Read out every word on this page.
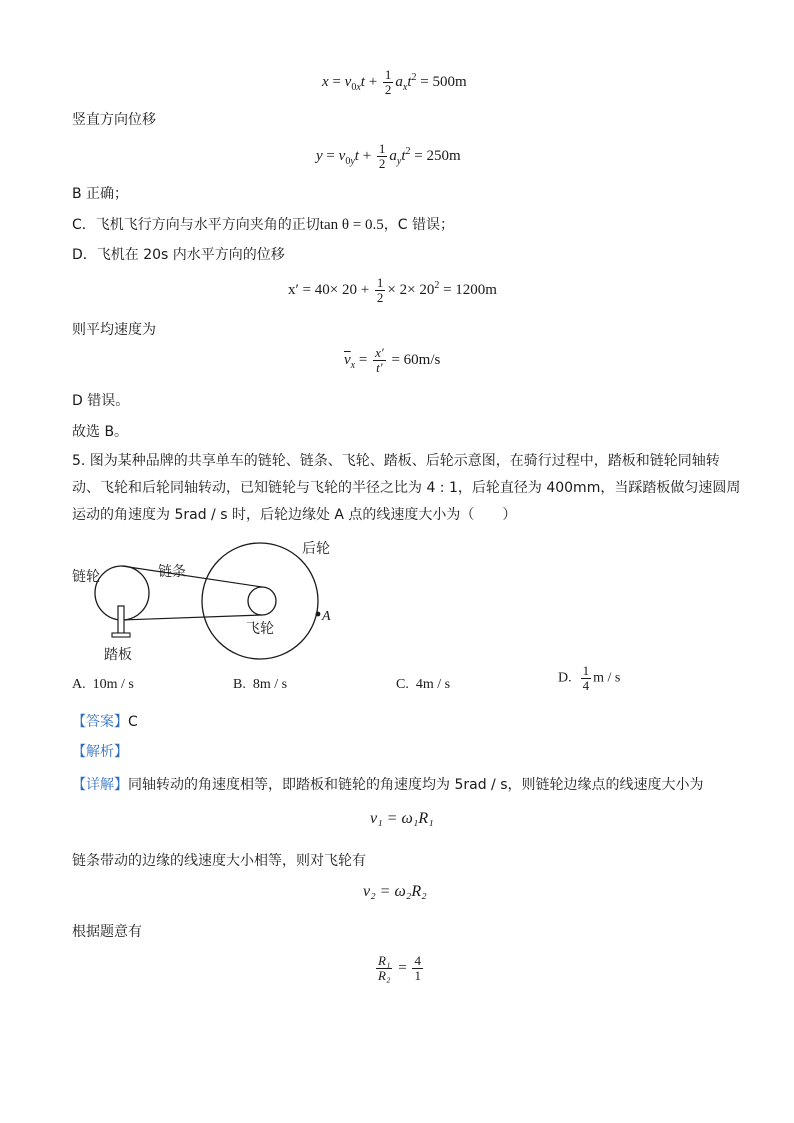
$x = v_{0x}t + \frac{1}{2} a_xt^2 = 500m$
竖直方向位移
$y = v_{0y}t + \frac{1}{2} a_yt^2 = 250m$
B 正确；
C．飞机飞行方向与水平方向夹角的正切tan θ = 0.5，C 错误；
D．飞机在 20s 内水平方向的位移
$x' = 40\times 20 + \frac{1}{2} \times 2\times 20^2 = 1200m$
则平均速度为
$\overline{v}_x = \frac{x'}{t'} = 60m/s$
D 错误。
故选 B。
5. 图为某种品牌的共享单车的链轮、链条、飞轮、踏板、后轮示意图，在骑行过程中，踏板和链轮同轴转
动、飞轮和后轮同轴转动，已知链轮与飞轮的半径之比为 4 : 1，后轮直径为 400mm，当踩踏板做匀速圆周
运动的角速度为 5rad / s 时，后轮边缘处 A 点的线速度大小为（　　）
链轮	链条
后轮
飞轮
踏板
A
A. 10m / s	B. 8m / s	C. 4m / s	D. $\frac{1}{4}$ m / s
【答案】C
【解析】
【详解】同轴转动的角速度相等，即踏板和链轮的角速度均为 5rad / s，则链轮边缘点的线速度大小为
v₁ = ω₁R₁
链条带动的边缘的线速度大小相等，则对飞轮有
v₂ = ω₂R₂
根据题意有
$\frac{\text{R₁}}{\text{R₂}} = \frac{4}{1}$
